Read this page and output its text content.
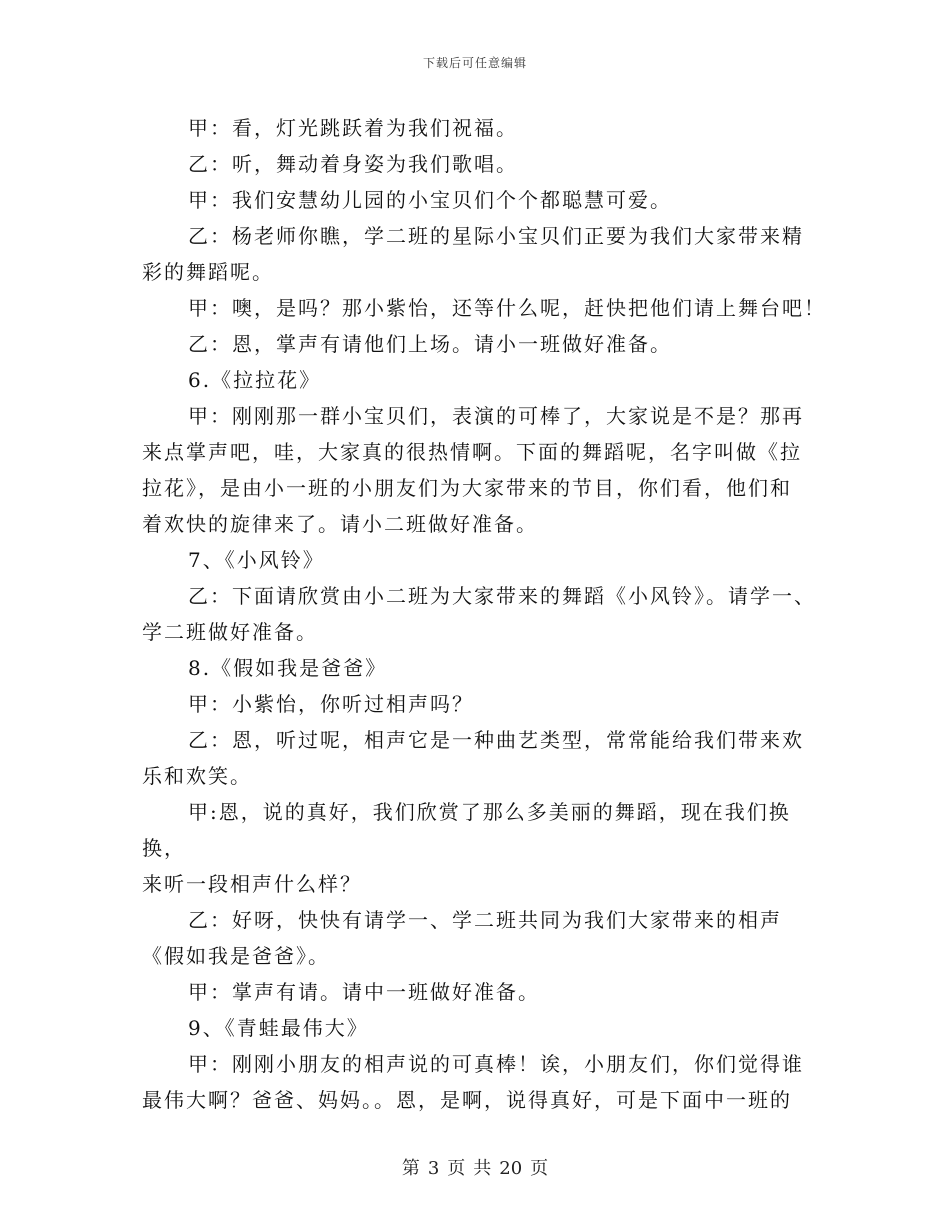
下载后可任意编辑

甲：看，灯光跳跃着为我们祝福。

乙：听，舞动着身姿为我们歌唱。

甲：我们安慧幼儿园的小宝贝们个个都聪慧可爱。

乙：杨老师你瞧，学二班的星际小宝贝们正要为我们大家带来精

彩的舞蹈呢。

甲：噢，是吗？那小紫怡，还等什么呢，赶快把他们请上舞台吧！

乙：恩，掌声有请他们上场。请小一班做好准备。

6.《拉拉花》

甲：刚刚那一群小宝贝们，表演的可棒了，大家说是不是？那再

来点掌声吧，哇，大家真的很热情啊。下面的舞蹈呢，名字叫做《拉

拉花》，是由小一班的小朋友们为大家带来的节目，你们看，他们和

着欢快的旋律来了。请小二班做好准备。

7、《小风铃》

乙：下面请欣赏由小二班为大家带来的舞蹈《小风铃》。请学一、

学二班做好准备。

8.《假如我是爸爸》

甲：小紫怡，你听过相声吗？

乙：恩，听过呢，相声它是一种曲艺类型，常常能给我们带来欢

乐和欢笑。

甲:恩，说的真好，我们欣赏了那么多美丽的舞蹈，现在我们换换，

来听一段相声什么样？

乙：好呀，快快有请学一、学二班共同为我们大家带来的相声

《假如我是爸爸》。

甲：掌声有请。请中一班做好准备。

9、《青蛙最伟大》

甲：刚刚小朋友的相声说的可真棒！诶，小朋友们，你们觉得谁

最伟大啊？爸爸、妈妈。。恩，是啊，说得真好，可是下面中一班的

第 3 页 共 20 页
